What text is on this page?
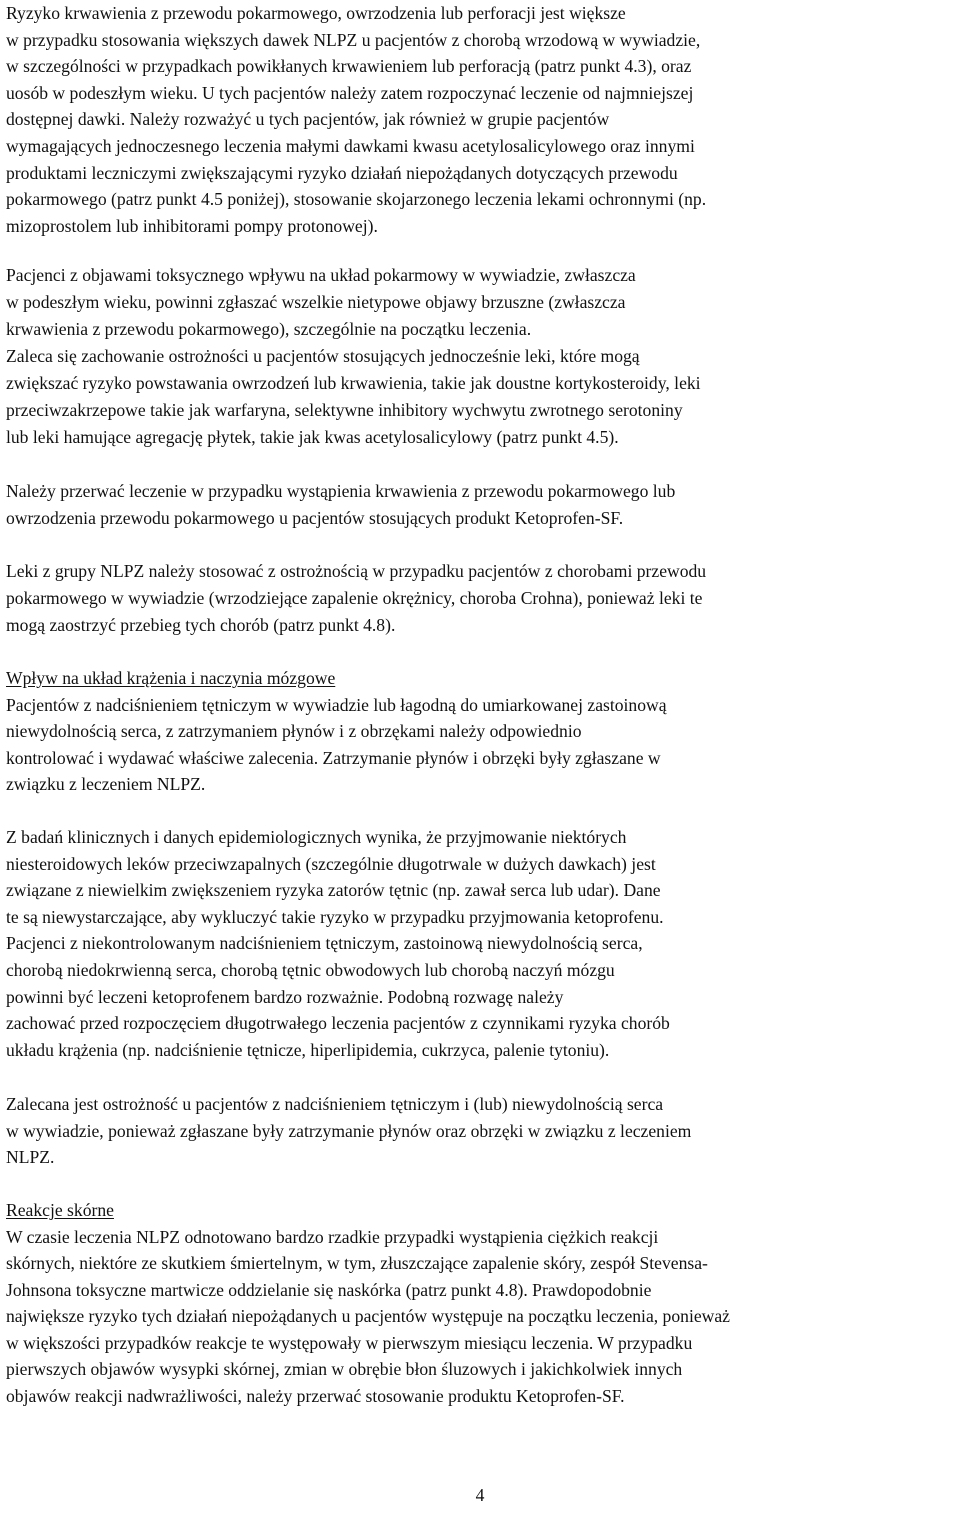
Ryzyko krwawienia z przewodu pokarmowego, owrzodzenia lub perforacji jest większe
w przypadku stosowania większych dawek NLPZ u pacjentów z chorobą wrzodową w wywiadzie,
w szczególności w przypadkach powikłanych krwawieniem lub perforacją (patrz punkt 4.3), oraz
uosób w podeszłym wieku. U tych pacjentów należy zatem rozpoczynać leczenie od najmniejszej
dostępnej dawki. Należy rozważyć u tych pacjentów, jak również w grupie pacjentów
wymagających jednoczesnego leczenia małymi dawkami kwasu acetylosalicylowego oraz innymi
produktami leczniczymi zwiększającymi ryzyko działań niepożądanych dotyczących przewodu
pokarmowego (patrz punkt 4.5 poniżej), stosowanie skojarzonego leczenia lekami ochronnymi (np.
mizoprostolem lub inhibitorami pompy protonowej).
Pacjenci z objawami toksycznego wpływu na układ pokarmowy w wywiadzie, zwłaszcza
w podeszłym wieku, powinni zgłaszać wszelkie nietypowe objawy brzuszne (zwłaszcza
krwawienia z przewodu pokarmowego), szczególnie na początku leczenia.
Zaleca się zachowanie ostrożności u pacjentów stosujących jednocześnie leki, które mogą
zwiększać ryzyko powstawania owrzodzeń lub krwawienia, takie jak doustne kortykosteroidy, leki
przeciwzakrzepowe takie jak warfaryna, selektywne inhibitory wychwytu zwrotnego serotoniny
lub leki hamujące agregację płytek, takie jak kwas acetylosalicylowy (patrz punkt 4.5).
Należy przerwać leczenie w przypadku wystąpienia krwawienia z przewodu pokarmowego lub
owrzodzenia przewodu pokarmowego u pacjentów stosujących produkt Ketoprofen-SF.
Leki z grupy NLPZ należy stosować z ostrożnością w przypadku pacjentów z chorobami przewodu
pokarmowego w wywiadzie (wrzodziejące zapalenie okrężnicy, choroba Crohna), ponieważ leki te
mogą zaostrzyć przebieg tych chorób (patrz punkt 4.8).
Wpływ na układ krążenia i naczynia mózgowe
Pacjentów z nadciśnieniem tętniczym w wywiadzie lub łagodną do umiarkowanej zastoinową
niewydolnością serca, z zatrzymaniem płynów i z obrzękami należy odpowiednio
kontrolować i wydawać właściwe zalecenia. Zatrzymanie płynów i obrzęki były zgłaszane w
związku z leczeniem NLPZ.
Z badań klinicznych i danych epidemiologicznych wynika, że przyjmowanie niektórych
niesteroidowych leków przeciwzapalnych (szczególnie długotrwale w dużych dawkach) jest
związane z niewielkim zwiększeniem ryzyka zatorów tętnic (np. zawał serca lub udar). Dane
te są niewystarczające, aby wykluczyć takie ryzyko w przypadku przyjmowania ketoprofenu.
Pacjenci z niekontrolowanym nadciśnieniem tętniczym, zastoinową niewydolnością serca,
chorobą niedokrwienną serca, chorobą tętnic obwodowych lub chorobą naczyń mózgu
powinni być leczeni ketoprofenem bardzo rozważnie. Podobną rozwagę należy
zachować przed rozpoczęciem długotrwałego leczenia pacjentów z czynnikami ryzyka chorób
układu krążenia (np. nadciśnienie tętnicze, hiperlipidemia, cukrzyca, palenie tytoniu).
Zalecana jest ostrożność u pacjentów z nadciśnieniem tętniczym i (lub) niewydolnością serca
w wywiadzie, ponieważ zgłaszane były zatrzymanie płynów oraz obrzęki w związku z leczeniem
NLPZ.
Reakcje skórne
W czasie leczenia NLPZ odnotowano bardzo rzadkie przypadki wystąpienia ciężkich reakcji
skórnych, niektóre ze skutkiem śmiertelnym, w tym, złuszczające zapalenie skóry, zespół Stevensa-
Johnsona toksyczne martwicze oddzielanie się naskórka (patrz punkt 4.8). Prawdopodobnie
największe ryzyko tych działań niepożądanych u pacjentów występuje na początku leczenia, ponieważ
w większości przypadków reakcje te występowały w pierwszym miesiącu leczenia. W przypadku
pierwszych objawów wysypki skórnej, zmian w obrębie błon śluzowych i jakichkolwiek innych
objawów reakcji nadwrażliwości, należy przerwać stosowanie produktu Ketoprofen-SF.
4
